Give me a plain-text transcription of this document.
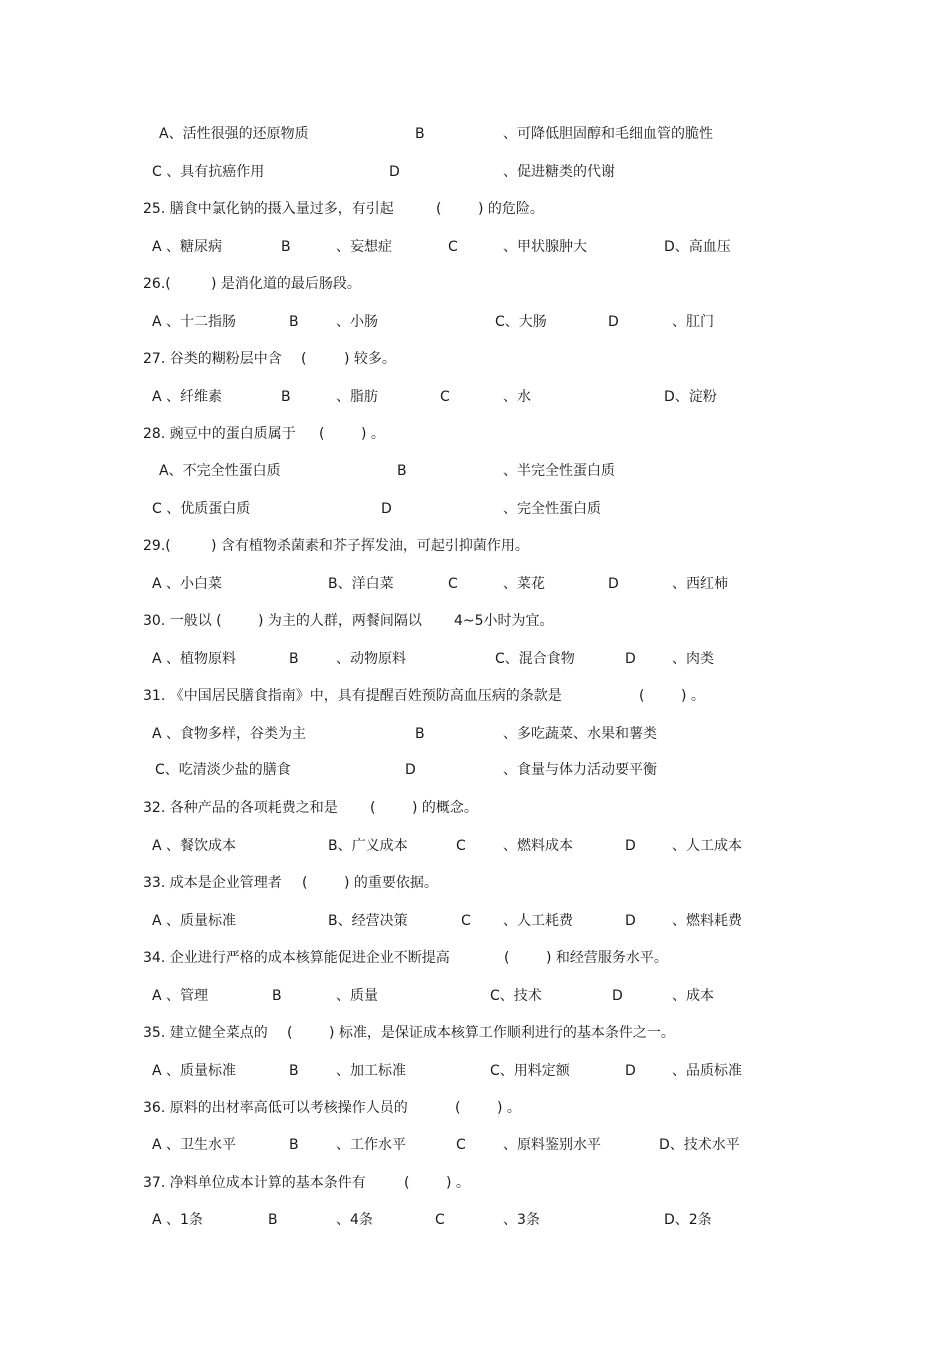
A、活性很强的还原物质	B	、可降低胆固醇和毛细血管的脆性
C 、具有抗癌作用	D	、促进糖类的代谢
25. 膳食中氯化钠的摄入量过多，有引起	(	) 的危险。
A 、糖尿病	B	、妄想症	C	、甲状腺肿大	D、高血压
26.(	) 是消化道的最后肠段。
A 、十二指肠	B	、小肠	C、大肠	D	、肛门
27. 谷类的糊粉层中含 (	) 较多。
A 、纤维素	B	、脂肪	C	、水	D、淀粉
28. 豌豆中的蛋白质属于 (	) 。
A、不完全性蛋白质	B	、半完全性蛋白质
C 、优质蛋白质	D	、完全性蛋白质
29.(	) 含有植物杀菌素和芥子挥发油，可起引抑菌作用。
A 、小白菜	B、洋白菜	C	、菜花	D	、西红柿
30. 一般以 (	) 为主的人群，两餐间隔以 4~5小时为宜。
A 、植物原料	B	、动物原料	C、混合食物	D	、肉类
31. 《中国居民膳食指南》中，具有提醒百姓预防高血压病的条款是	(	) 。
A 、食物多样，谷类为主	B	、多吃蔬菜、水果和薯类
C、吃清淡少盐的膳食	D	、食量与体力活动要平衡
32. 各种产品的各项耗费之和是 (	) 的概念。
A 、餐饮成本	B、广义成本	C	、燃料成本	D	、人工成本
33. 成本是企业管理者 (	) 的重要依据。
A 、质量标准	B、经营决策	C 、人工耗费	D	、燃料耗费
34. 企业进行严格的成本核算能促进企业不断提高	(	) 和经营服务水平。
A 、管理	B	、质量	C、技术	D	、成本
35. 建立健全菜点的 (	) 标准，是保证成本核算工作顺利进行的基本条件之一。
A 、质量标准	B	、加工标准	C、用料定额	D	、品质标准
36. 原料的出材率高低可以考核操作人员的	(	) 。
A 、卫生水平	B	、工作水平	C	、原料鉴别水平	D、技术水平
37. 净料单位成本计算的基本条件有	(	) 。
A 、1条	B	、4条	C	、3条	D、2条
